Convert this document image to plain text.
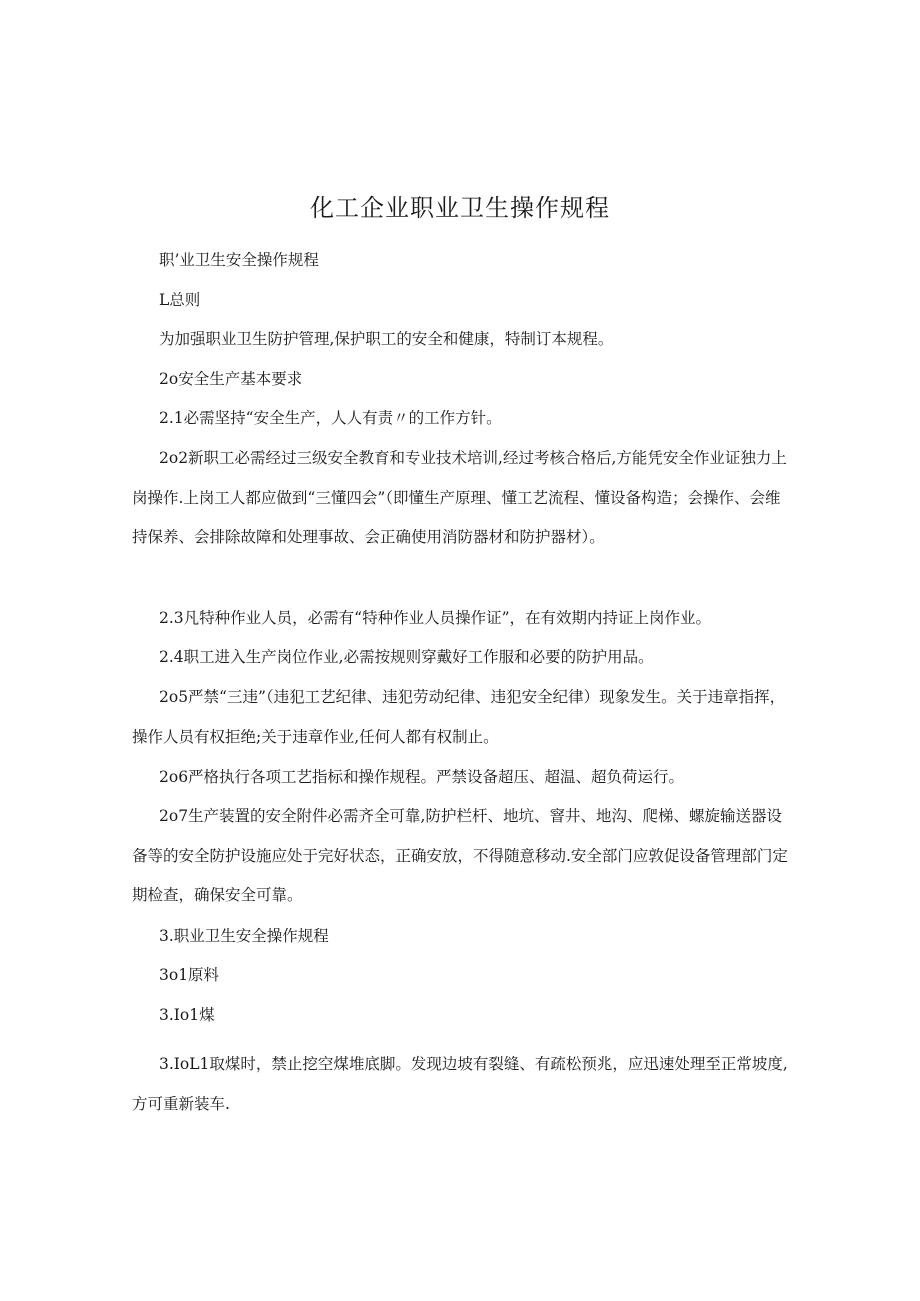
化工企业职业卫生操作规程

职’业卫生安全操作规程

L总则

为加强职业卫生防护管理,保护职工的安全和健康，特制订本规程。

2o安全生产基本要求

2.1必需坚持“安全生产，人人有责〃的工作方针。

2o2新职工必需经过三级安全教育和专业技术培训,经过考核合格后,方能凭安全作业证独力上岗操作.上岗工人都应做到“三懂四会”（即懂生产原理、懂工艺流程、懂设备构造；会操作、会维持保养、会排除故障和处理事故、会正确使用消防器材和防护器材）。

2.3凡特种作业人员，必需有“特种作业人员操作证”，在有效期内持证上岗作业。

2.4职工进入生产岗位作业,必需按规则穿戴好工作服和必要的防护用品。

2o5严禁“三违”（违犯工艺纪律、违犯劳动纪律、违犯安全纪律）现象发生。关于违章指挥，操作人员有权拒绝;关于违章作业,任何人都有权制止。

2o6严格执行各项工艺指标和操作规程。严禁设备超压、超温、超负荷运行。

2o7生产装置的安全附件必需齐全可靠,防护栏杆、地坑、窨井、地沟、爬梯、螺旋输送器设备等的安全防护设施应处于完好状态，正确安放，不得随意移动.安全部门应敦促设备管理部门定期检查，确保安全可靠。

3.职业卫生安全操作规程

3o1原料

3.Io1煤

3.IoL1取煤时，禁止挖空煤堆底脚。发现边坡有裂缝、有疏松预兆，应迅速处理至正常坡度,方可重新装车.
